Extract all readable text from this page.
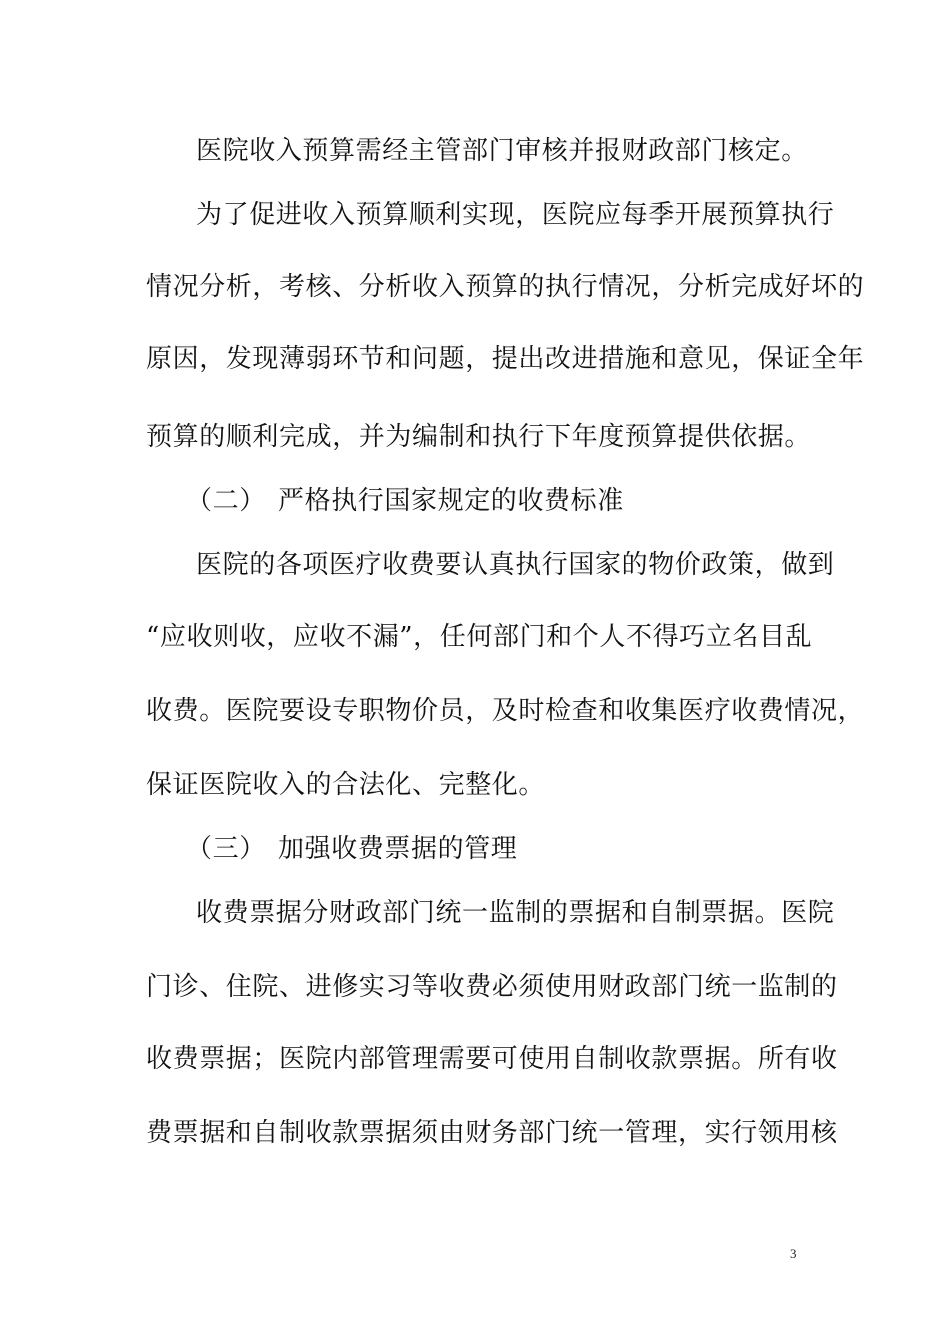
医院收入预算需经主管部门审核并报财政部门核定。
为了促进收入预算顺利实现，医院应每季开展预算执行
情况分析，考核、分析收入预算的执行情况，分析完成好坏的
原因，发现薄弱环节和问题，提出改进措施和意见，保证全年
预算的顺利完成，并为编制和执行下年度预算提供依据。
（二） 严格执行国家规定的收费标准
医院的各项医疗收费要认真执行国家的物价政策，做到
“应收则收，应收不漏”，任何部门和个人不得巧立名目乱
收费。医院要设专职物价员，及时检查和收集医疗收费情况，
保证医院收入的合法化、完整化。
（三） 加强收费票据的管理
收费票据分财政部门统一监制的票据和自制票据。医院
门诊、住院、进修实习等收费必须使用财政部门统一监制的
收费票据；医院内部管理需要可使用自制收款票据。所有收
费票据和自制收款票据须由财务部门统一管理，实行领用核
3
